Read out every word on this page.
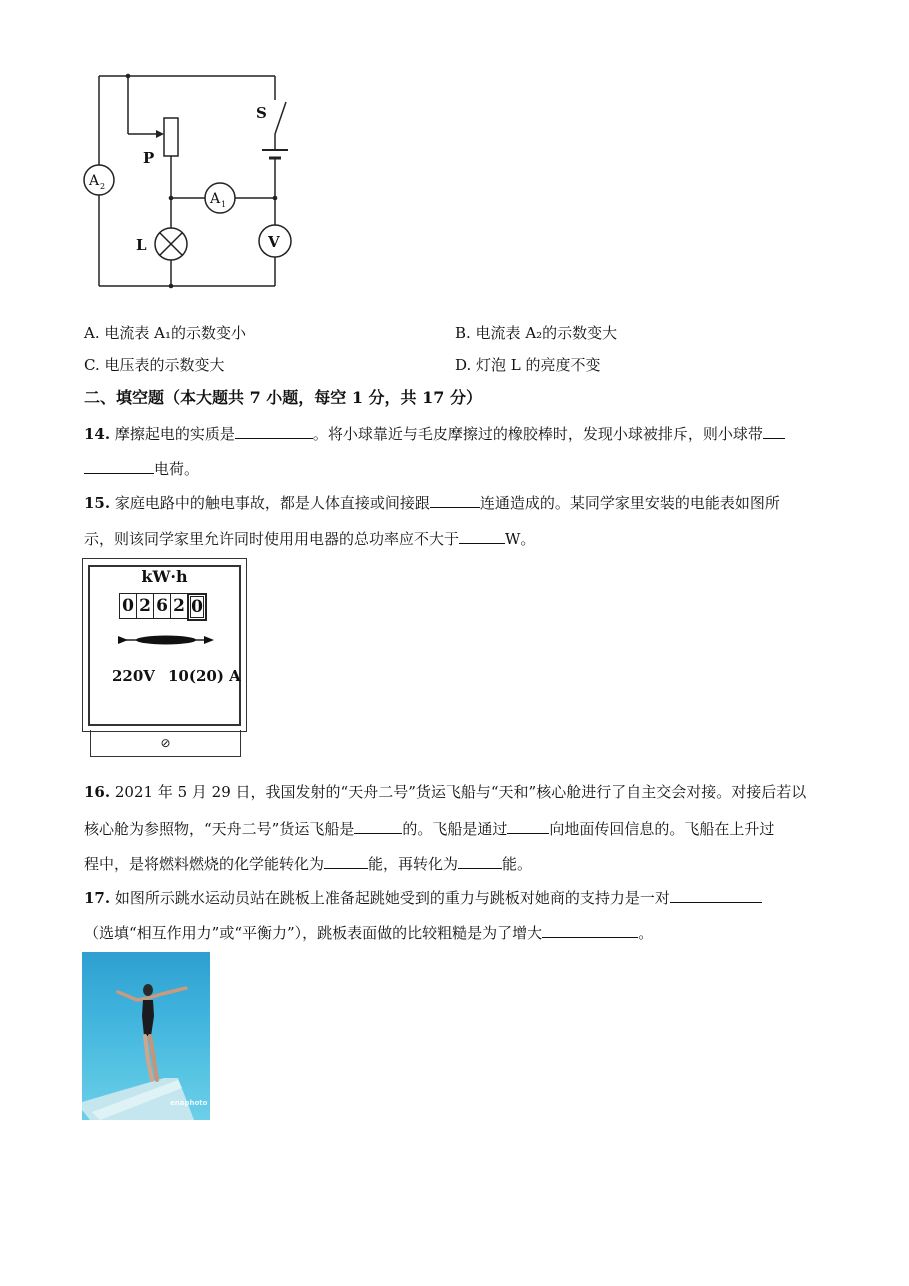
S
P
L	V
A 2
A 1
A. 电流表 A₁的示数变小	B. 电流表 A₂的示数变大
C. 电压表的示数变大	D. 灯泡 L 的亮度不变
二、填空题（本大题共 7 小题，每空 1 分，共 17 分）
14. 摩擦起电的实质是	。将小球靠近与毛皮摩擦过的橡胶棒时，发现小球被排斥，则小球带
电荷。
15. 家庭电路中的触电事故，都是人体直接或间接跟	连通造成的。某同学家里安装的电能表如图所
示，则该同学家里允许同时使用用电器的总功率应不大于	W。
kW·h
0 2 6 2 0
220V 10(20) A
⊘
16. 2021 年 5 月 29 日，我国发射的“天舟二号”货运飞船与“天和”核心舱进行了自主交会对接。对接后若以
核心舱为参照物，“天舟二号”货运飞船是	的。飞船是通过	向地面传回信息的。飞船在上升过
程中，是将燃料燃烧的化学能转化为	能，再转化为	能。
17. 如图所示跳水运动员站在跳板上准备起跳她受到的重力与跳板对她商的支持力是一对
（选填“相互作用力”或“平衡力”），跳板表面做的比较粗糙是为了增大	。
enaphoto
